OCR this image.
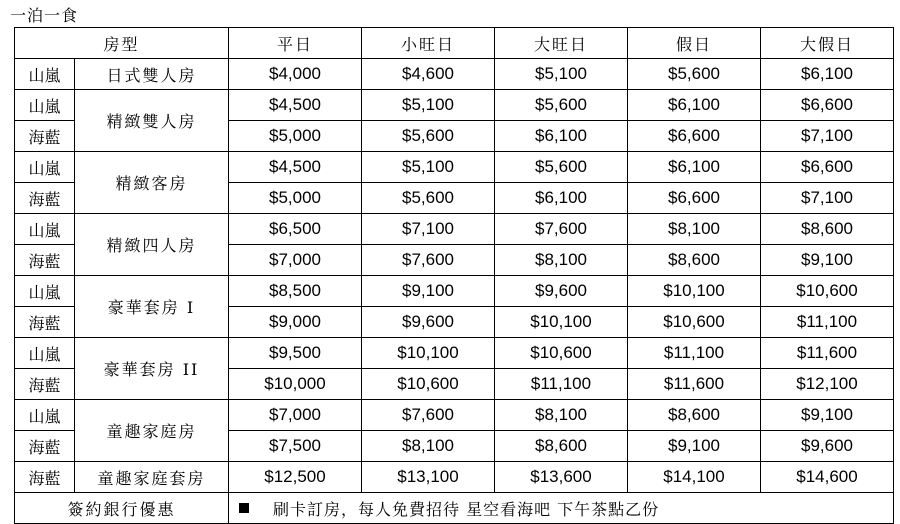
一泊一食
房型		平日	小旺日	大旺日	假日	大假日
山嵐	日式雙人房	$4,000	$4,600	$5,100	$5,600	$6,100
山嵐	精緻雙人房	$4,500	$5,100	$5,600	$6,100	$6,600
海藍		$5,000	$5,600	$6,100	$6,600	$7,100
山嵐	精緻客房	$4,500	$5,100	$5,600	$6,100	$6,600
海藍		$5,000	$5,600	$6,100	$6,600	$7,100
山嵐	精緻四人房	$6,500	$7,100	$7,600	$8,100	$8,600
海藍		$7,000	$7,600	$8,100	$8,600	$9,100
山嵐	豪華套房 I	$8,500	$9,100	$9,600	$10,100	$10,600
海藍		$9,000	$9,600	$10,100	$10,600	$11,100
山嵐	豪華套房 II	$9,500	$10,100	$10,600	$11,100	$11,600
海藍		$10,000	$10,600	$11,100	$11,600	$12,100
山嵐	童趣家庭房	$7,000	$7,600	$8,100	$8,600	$9,100
海藍		$7,500	$8,100	$8,600	$9,100	$9,600
海藍	童趣家庭套房	$12,500	$13,100	$13,600	$14,100	$14,600
簽約銀行優惠		刷卡訂房，每人免費招待 星空看海吧 下午茶點乙份				
